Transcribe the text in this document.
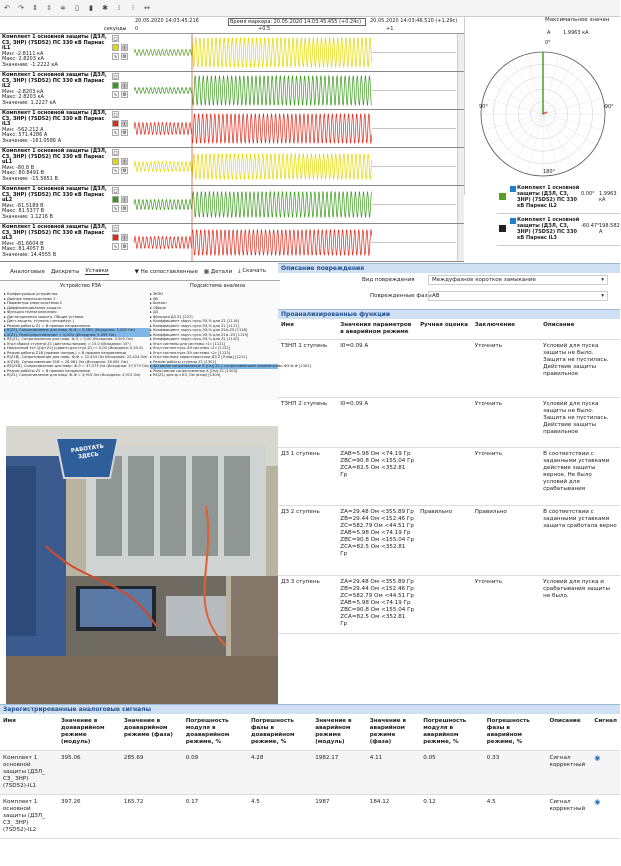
↶ ↷ ⇕ ⇳ ≑	▯	▮	✱	⁞	⁝	↔
20.05.2020 14:03:45.216	Время маркера: 20.05.2020 14:03:45.455 (+0.24с)	20.05.2020 14:03:46.510 (+1.29с)
секунды 0	+0.5	+1
Комплект 1 основной защиты (ДЗЛ, СЗ, ЗНР) (7SD52) ПС 330 кВ Парнас iL1
Мин: -2.8111 кА
Макс: 2.8203 кА
Значение: -1.2222 кА
◻
▥
⚙
∿
Комплект 1 основной защиты (ДЗЛ, СЗ, ЗНР) (7SD52) ПС 330 кВ Парнас iL2
Мин: -2.8203 кА
Макс: 2.8203 кА
Значение: 1.2227 кА
◻
▥
⚙
∿
Комплект 1 основной защиты (ДЗЛ, СЗ, ЗНР) (7SD52) ПС 330 кВ Парнас iL3
Мин: -562.212 А
Макс: 571.4286 А
Значение: -161.0586 А
◻
▥
⚙
∿
Комплект 1 основной защиты (ДЗЛ, СЗ, ЗНР) (7SD52) ПС 330 кВ Парнас uL1
Мин: -80.8 В
Макс: 80.8491 В
Значение: -15.5651 В
◻
▥
⚙
∿
Комплект 1 основной защиты (ДЗЛ, СЗ, ЗНР) (7SD52) ПС 330 кВ Парнас uL2
Мин: -81.5189 В
Макс: 81.5377 В
Значение: 1.1216 В
◻
▥
⚙
∿
Комплект 1 основной защиты (ДЗЛ, СЗ, ЗНР) (7SD52) ПС 330 кВ Парнас uL3
Мин: -81.6604 В
Макс: 81.4057 В
Значение: 14.4555 В
◻
▥
⚙
∿
Максимальное значен
А	1.9963 кА
0°
90°	-90°
180°
Комплект 1 основной защиты (ДЗЛ, СЗ, ЗНР) (7SD52) ПС 330 кВ Парнас iL2
0.00° 1.9963 кА
Комплект 1 основной защиты (ДЗЛ, СЗ, ЗНР) (7SD52) ПС 330 кВ Парнас iL3
-60.47° 198.582 А
Аналоговые Дискреты Уставки	▼ Не сопоставленные ▦ Детали ⤓ Скачать
Устройство РЗА	Подсистема анализа
▸ Конфигурация устройства
▸ Данные энергосистемы 1
▸ Параметры энергосистемы 2
▸ Дифференциальная защита
▸ Функция телеотключения
▸ Дистанционная защита. Общие уставки
▸ Дист.защита, ступень (четырёхуг.)
▸ Режим работы Z1 = В прямом направлении
▸ R(Z1), Сопротивление для повр. Ф-Ф = 5,46% (Исходная: 5,000 Ом)
▸ X(Z1), РеакСопротивление = 5,00% (Исходная: 5,095 Ом)
▸ RE(Z1), Сопротивление для повр. Ф-З = 0,00 (Исходная: 0,000 Ом)
▸ Угол сброса ступени Z1 (дистанц.направ) = 15,0 (Исходная: 15°)
▸ Наклонный Уст.1[ф+Z1] (сдвиги для ступ.Z1) = 0,00 (Исходная: 0,35 А)
▸ Режим работы Z1B (прямое направ.) = В прямом направлении
▸ R(Z1B), Сопротивление для повр. Ф-Ф = 22,424 Ом (Исходная: 22,424 Ом)
▸ X(Z1B), Сопротивление Z1B = 26,061 Ом (Исходная: 26,061 Ом)
▸ RE(Z1B), Сопротивление для повр. Ф-З = 37,073 Ом (Исходная: 37,073 Ом)
▸ Режим работы Z2 = В прямом направлении
▸ R(Z2), Сопротивление для повр. Ф-Ф = 3,915 Ом (Исходная: 3,915 Ом)
▸ ЗКЗН
▸ АВ
▸ Бинзап
▸ Общие
▸ ДЗ
▸ Функция ДЗ Z1 [237]
▸ Коэффициент заруч.пуск.ЭЭ,% для Z1 [1116]
▸ Коэффициент заруч.пуск.ЭЭ,% для Z1 [1117]
▸ Коэффициент заруч.пуск.ЭЭ,% для Z1b-Z5 [1118]
▸ Коэффициент заруч.пуск.ЭЭ,% для Z1b..Z5 [1119]
▸ Коэффициент заруч.пуск.ЭЭ,% для Z1 [1120]
▸ Угол системы для системы «1» [1121]
▸ Угол систем.пуск.ЭЭ системы «1» [1122]
▸ Угол систем.пуск.ЭЭ системы «2» [1123]
▸ Угол наклона характеристики ДЗ Z [Плод] [1211]
▸ Режим работы ступени Z1 [1301]
▸ Активное сопротивление R [Ом] Z1 с сопротивлением параметрами ФЗ Ф-Ф [1302]
▸ Реактивное сопротивление X [Ом] Z1 [1303]
▸ RE(Z1) для ф-з КЗ, Ом (втор) [1304]
РАБОТАТЬ ЗДЕСЬ
Описание повреждения
Вид повреждения	Междуфазное короткое замыкание	▾
Поврежденные фазы AB	▾
Проанализированные функции
Имя	Значения параметров в аварийном режиме	Ручная оценка	Заключение	Описание
ТЗНП 1 ступень	I0=0.09 А		Уточнить	Условий для пуска защиты не было. Защита не пустилась. Действие защиты правильное
ТЗНП 2 ступень	I0=0.09 А		Уточнить	Условий для пуска защиты не было. Защита не пустилась. Действие защиты правильное
ДЗ 1 ступень	ZAB=5.98 Ом <74.19 Гр ZBC=90.8 Ом <155.04 Гр ZCA=82.5 Ом <352.81 Гр		Уточнить	В соответствии с заданными уставками действие защиты верное. Не было условий для срабатывания
ДЗ 2 ступень	ZA=29.48 Ом <355.89 Гр ZB=29.44 Ом <152.46 Гр ZC=582.79 Ом <44.51 Гр ZAB=5.98 Ом <74.19 Гр ZBC=90.8 Ом <155.04 Гр ZCA=82.5 Ом <352.81 Гр	Правильно	Правильно	В соответствии с заданными уставками защита сработала верно
ДЗ 3 ступень	ZA=29.48 Ом <355.89 Гр ZB=29.44 Ом <152.46 Гр ZC=582.79 Ом <44.51 Гр ZAB=5.98 Ом <74.19 Гр ZBC=90.8 Ом <155.04 Гр ZCA=82.5 Ом <352.81 Гр		Уточнить	Условий для пуска и срабатывания защиты не было.
Зарегистрированные аналоговые сигналы
Имя	Значение в доаварийном режиме (модуль)	Значение в доаварийном режиме (фаза)	Погрешность модуля в доаварийном режиме, %	Погрешность фазы в доаварийном режиме, %	Значение в аварийном режиме (модуль)	Значение в аварийном режиме (фаза)	Погрешность модуля в аварийном режиме, %	Погрешность фазы в аварийном режиме, %	Описание	Сигнал
Комплект 1 основной защиты (ДЗЛ_ СЗ_ ЗНР) (7SD52)-IL1	395.06	285.69	0.09	4.28	1982.17	4.11	0.05	0.33	Сигнал корректный	◉
Комплект 1 основной защиты (ДЗЛ_ СЗ_ ЗНР) (7SD52)-IL2	397.26	165.72	0.17	4.5	1987	184.12	0.12	4.5	Сигнал корректный	◉
